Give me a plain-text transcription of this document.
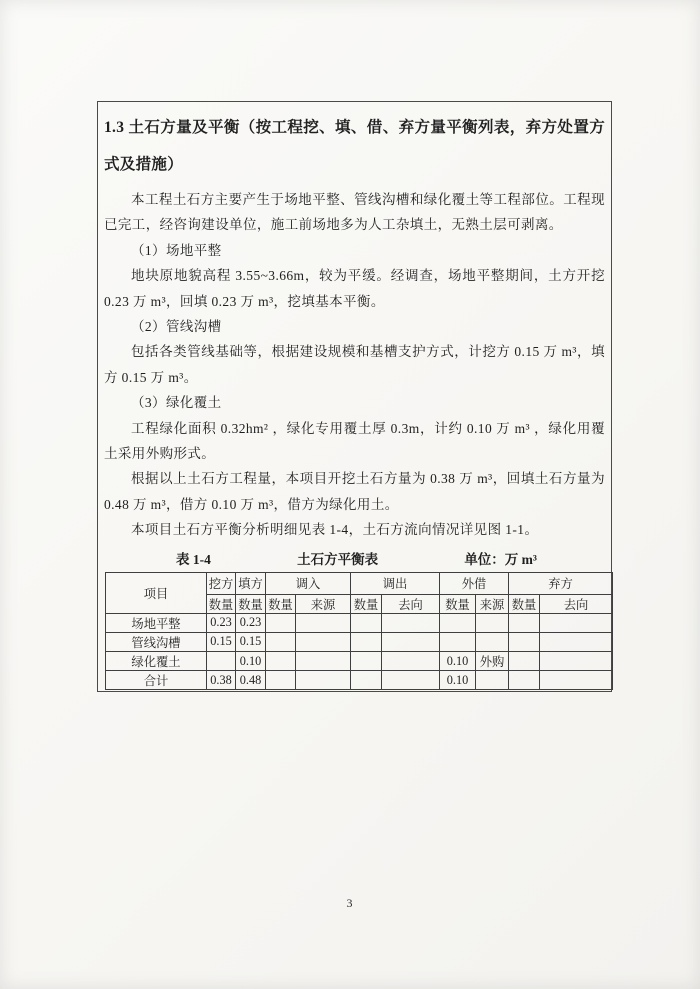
1.3 土石方量及平衡（按工程挖、填、借、弃方量平衡列表，弃方处置方式及措施）

本工程土石方主要产生于场地平整、管线沟槽和绿化覆土等工程部位。工程现已完工，经咨询建设单位，施工前场地多为人工杂填土，无熟土层可剥离。

（1）场地平整

地块原地貌高程 3.55~3.66m，较为平缓。经调查，场地平整期间，土方开挖 0.23 万 m³，回填 0.23 万 m³，挖填基本平衡。

（2）管线沟槽

包括各类管线基础等，根据建设规模和基槽支护方式，计挖方 0.15 万 m³，填方 0.15 万 m³。

（3）绿化覆土

工程绿化面积 0.32hm² ，绿化专用覆土厚 0.3m，计约 0.10 万 m³ ，绿化用覆土采用外购形式。

根据以上土石方工程量，本项目开挖土石方量为 0.38 万 m³，回填土石方量为 0.48 万 m³，借方 0.10 万 m³，借方为绿化用土。

本项目土石方平衡分析明细见表 1-4，土石方流向情况详见图 1-1。

表 1-4	土石方平衡表	单位：万 m³
项目	挖方	填方	调入		调出		外借		弃方	
	数量	数量	数量	来源	数量	去向	数量	来源	数量	去向
场地平整	0.23	0.23								
管线沟槽	0.15	0.15								
绿化覆土		0.10					0.10	外购		
合计	0.38	0.48					0.10			
3
